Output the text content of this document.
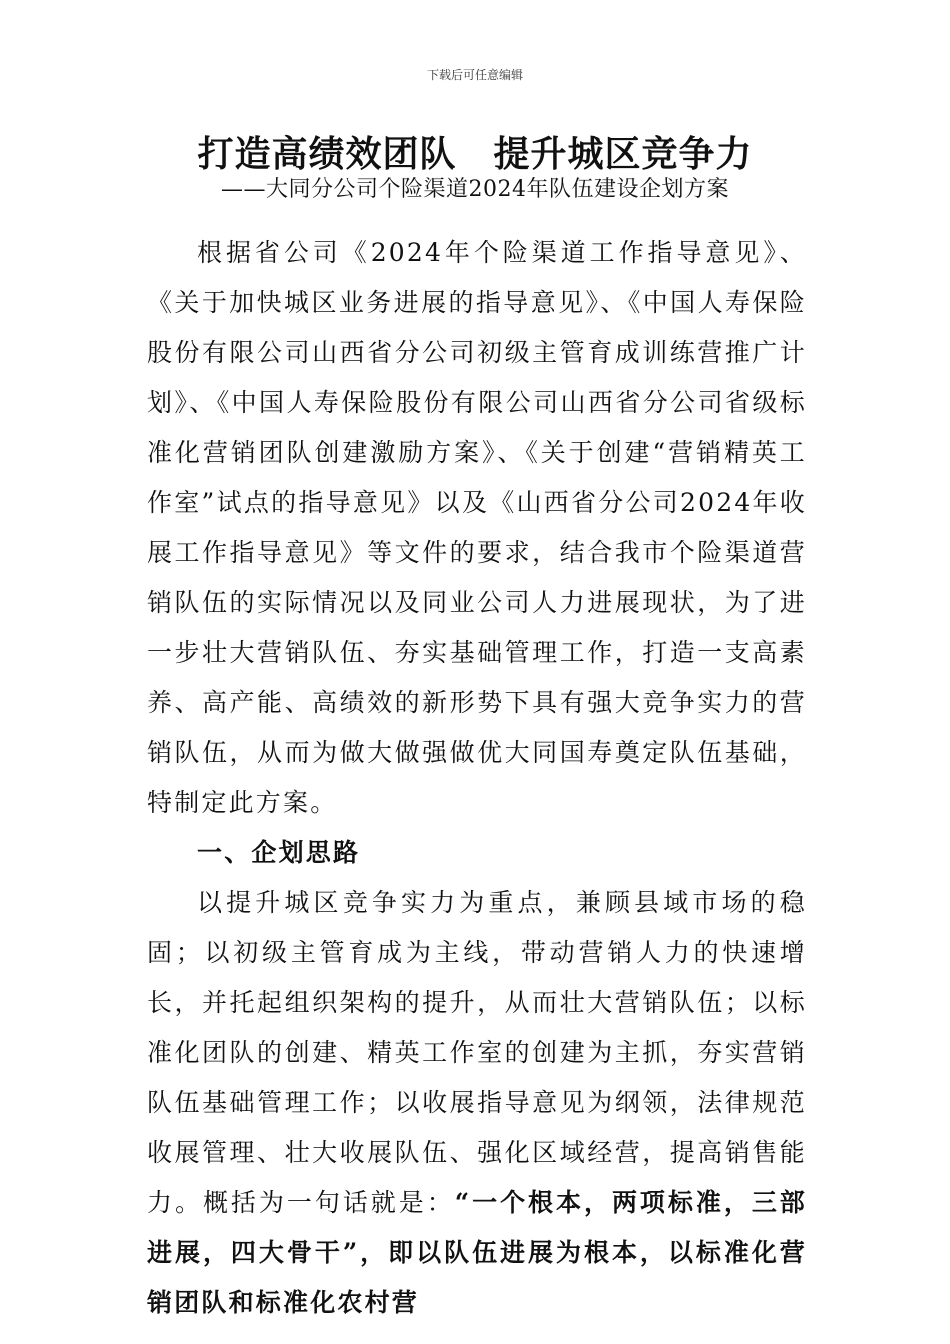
下载后可任意编辑
打造高绩效团队　提升城区竞争力
——大同分公司个险渠道2024年队伍建设企划方案

根据省公司《2024年个险渠道工作指导意见》、《关于加快城区业务进展的指导意见》、《中国人寿保险股份有限公司山西省分公司初级主管育成训练营推广计划》、《中国人寿保险股份有限公司山西省分公司省级标准化营销团队创建激励方案》、《关于创建“营销精英工作室”试点的指导意见》以及《山西省分公司2024年收展工作指导意见》等文件的要求，结合我市个险渠道营销队伍的实际情况以及同业公司人力进展现状，为了进一步壮大营销队伍、夯实基础管理工作，打造一支高素养、高产能、高绩效的新形势下具有强大竞争实力的营销队伍，从而为做大做强做优大同国寿奠定队伍基础，特制定此方案。

一、企划思路

以提升城区竞争实力为重点，兼顾县域市场的稳固；以初级主管育成为主线，带动营销人力的快速增长，并托起组织架构的提升，从而壮大营销队伍；以标准化团队的创建、精英工作室的创建为主抓，夯实营销队伍基础管理工作；以收展指导意见为纲领，法律规范收展管理、壮大收展队伍、强化区域经营，提高销售能力。概括为一句话就是：“一个根本，两项标准，三部进展，四大骨干”，即以队伍进展为根本，以标准化营销团队和标准化农村营
